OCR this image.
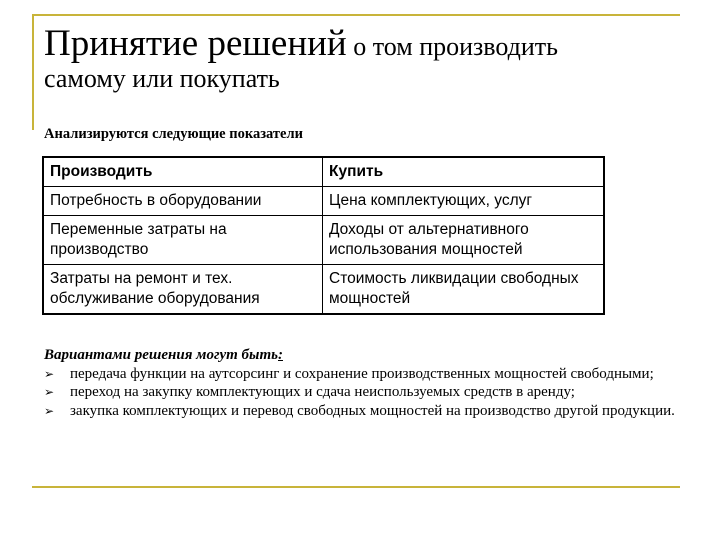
Принятие решений о том производить
самому или покупать
Анализируются следующие показатели
Производить	Купить
Потребность в оборудовании	Цена комплектующих, услуг
Переменные затраты на производство	Доходы от альтернативного использования мощностей
Затраты на ремонт и тех. обслуживание оборудования	Стоимость ликвидации свободных мощностей
Вариантами решения могут быть:
➢ передача функции на аутсорсинг и сохранение производственных мощностей свободными;
➢ переход на закупку комплектующих и сдача неиспользуемых средств в аренду;
➢ закупка комплектующих и перевод свободных мощностей на производство другой продукции.
